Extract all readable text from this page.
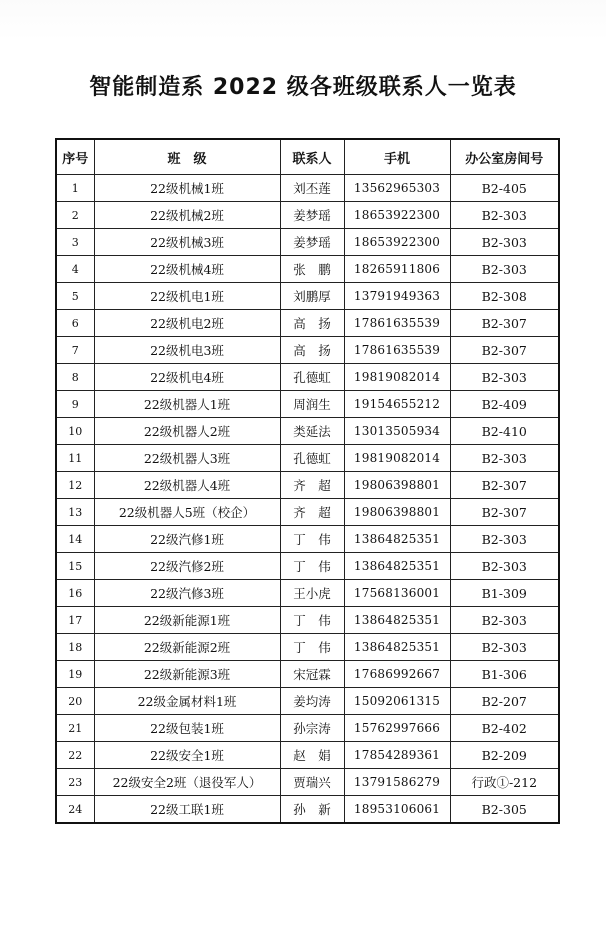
智能制造系 2022 级各班级联系人一览表
序号	班　级	联系人	手机	办公室房间号
1	22级机械1班	刘丕莲	13562965303	B2-405
2	22级机械2班	姜梦瑶	18653922300	B2-303
3	22级机械3班	姜梦瑶	18653922300	B2-303
4	22级机械4班	张　鹏	18265911806	B2-303
5	22级机电1班	刘鹏厚	13791949363	B2-308
6	22级机电2班	高　扬	17861635539	B2-307
7	22级机电3班	高　扬	17861635539	B2-307
8	22级机电4班	孔德虹	19819082014	B2-303
9	22级机器人1班	周润生	19154655212	B2-409
10	22级机器人2班	类延法	13013505934	B2-410
11	22级机器人3班	孔德虹	19819082014	B2-303
12	22级机器人4班	齐　超	19806398801	B2-307
13	22级机器人5班（校企）	齐　超	19806398801	B2-307
14	22级汽修1班	丁　伟	13864825351	B2-303
15	22级汽修2班	丁　伟	13864825351	B2-303
16	22级汽修3班	王小虎	17568136001	B1-309
17	22级新能源1班	丁　伟	13864825351	B2-303
18	22级新能源2班	丁　伟	13864825351	B2-303
19	22级新能源3班	宋冠霖	17686992667	B1-306
20	22级金属材料1班	姜均涛	15092061315	B2-207
21	22级包装1班	孙宗涛	15762997666	B2-402
22	22级安全1班	赵　娟	17854289361	B2-209
23	22级安全2班（退役军人）	贾瑞兴	13791586279	行政①-212
24	22级工联1班	孙　新	18953106061	B2-305
